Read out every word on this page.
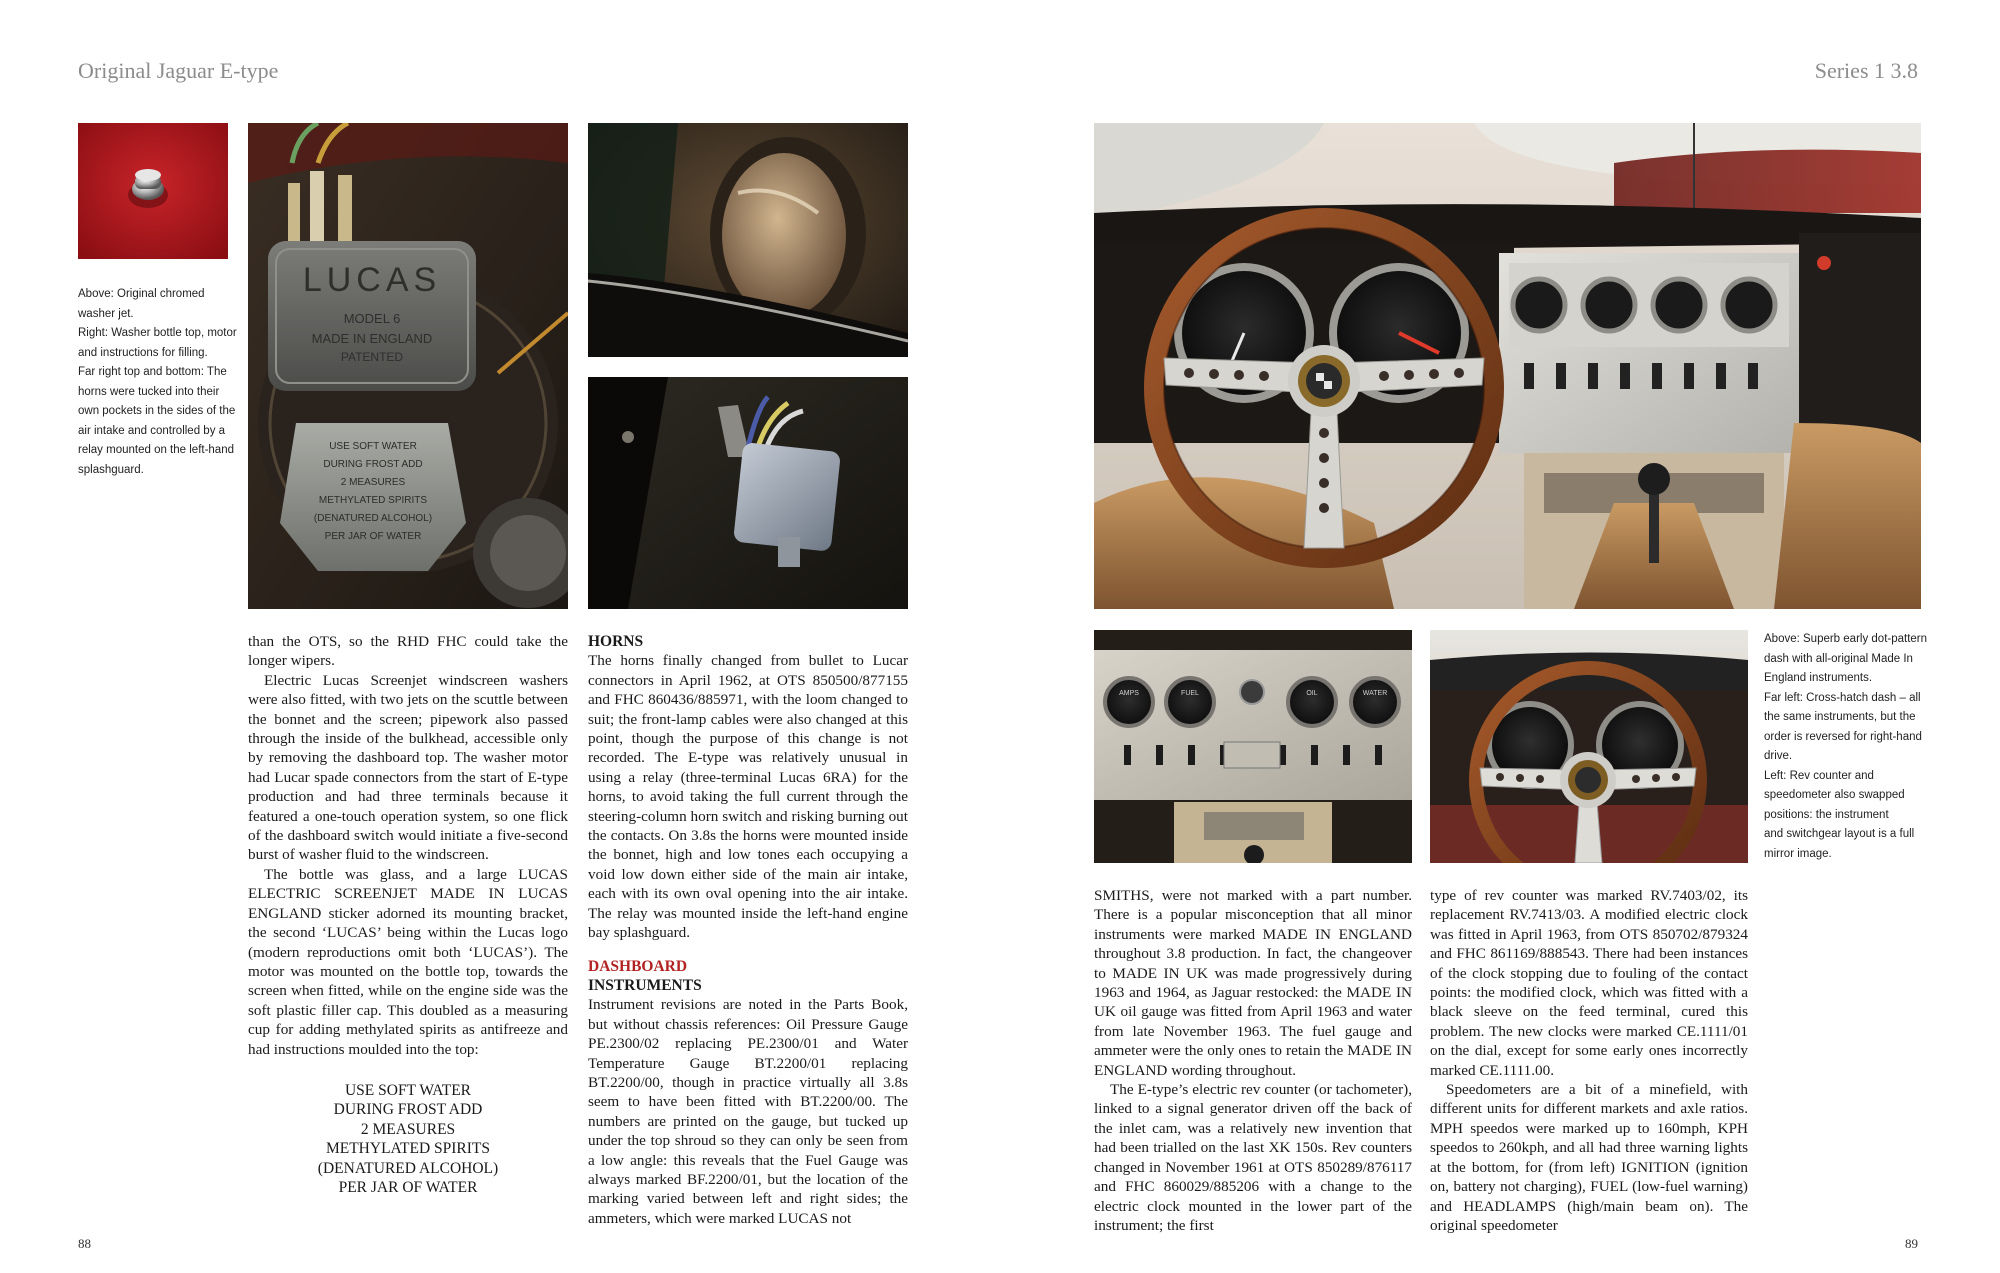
Original Jaguar E-type	Series 1 3.8
LUCAS
MODEL 6
MADE IN ENGLAND
PATENTED
USE SOFT WATER
DURING FROST ADD
2 MEASURES
METHYLATED SPIRITS
(DENATURED ALCOHOL)
PER JAR OF WATER
AMPS	FUEL	OIL	WATER

Above: Original chromed

washer jet.

Right: Washer bottle top, motor

and instructions for filling.

Far right top and bottom: The

horns were tucked into their

own pockets in the sides of the

air intake and controlled by a

relay mounted on the left-hand

splashguard.

Above: Superb early dot-pattern

dash with all-original Made In

England instruments.

Far left: Cross-hatch dash – all

the same instruments, but the

order is reversed for right-hand

drive.

Left: Rev counter and

speedometer also swapped

positions: the instrument

and switchgear layout is a full

mirror image.

than the OTS, so the RHD FHC could take the longer wipers.

Electric Lucas Screenjet windscreen washers were also fitted, with two jets on the scuttle between the bonnet and the screen; pipework also passed through the inside of the bulkhead, accessible only by removing the dashboard top. The washer motor had Lucar spade connectors from the start of E-type production and had three terminals because it featured a one-touch operation system, so one flick of the dashboard switch would initiate a five-second burst of washer fluid to the windscreen.

The bottle was glass, and a large LUCAS ELECTRIC SCREENJET MADE IN LUCAS ENGLAND sticker adorned its mounting bracket, the second ‘LUCAS’ being within the Lucas logo (modern reproductions omit both ‘LUCAS’). The motor was mounted on the bottle top, towards the screen when fitted, while on the engine side was the soft plastic filler cap. This doubled as a measuring cup for adding methylated spirits as antifreeze and had instructions moulded into the top:

USE SOFT WATER
DURING FROST ADD
2 MEASURES
METHYLATED SPIRITS
(DENATURED ALCOHOL)
PER JAR OF WATER
HORNS

The horns finally changed from bullet to Lucar connectors in April 1962, at OTS 850500/877155 and FHC 860436/885971, with the loom changed to suit; the front-lamp cables were also changed at this point, though the purpose of this change is not recorded. The E-type was relatively unusual in using a relay (three-terminal Lucas 6RA) for the horns, to avoid taking the full current through the steering-column horn switch and risking burning out the contacts. On 3.8s the horns were mounted inside the bonnet, high and low tones each occupying a void low down either side of the main air intake, each with its own oval opening into the air intake. The relay was mounted inside the left-hand engine bay splashguard.

DASHBOARD
INSTRUMENTS

Instrument revisions are noted in the Parts Book, but without chassis references: Oil Pressure Gauge PE.2300/02 replacing PE.2300/01 and Water Temperature Gauge BT.2200/01 replacing BT.2200/00, though in practice virtually all 3.8s seem to have been fitted with BT.2200/00. The numbers are printed on the gauge, but tucked up under the top shroud so they can only be seen from a low angle: this reveals that the Fuel Gauge was always marked BF.2200/01, but the location of the marking varied between left and right sides; the ammeters, which were marked LUCAS not

SMITHS, were not marked with a part number. There is a popular misconception that all minor instruments were marked MADE IN ENGLAND throughout 3.8 production. In fact, the changeover to MADE IN UK was made progressively during 1963 and 1964, as Jaguar restocked: the MADE IN UK oil gauge was fitted from April 1963 and water from late November 1963. The fuel gauge and ammeter were the only ones to retain the MADE IN ENGLAND wording throughout.

The E-type’s electric rev counter (or tachometer), linked to a signal generator driven off the back of the inlet cam, was a relatively new invention that had been trialled on the last XK 150s. Rev counters changed in November 1961 at OTS 850289/876117 and FHC 860029/885206 with a change to the electric clock mounted in the lower part of the instrument; the first

type of rev counter was marked RV.7403/02, its replacement RV.7413/03. A modified electric clock was fitted in April 1963, from OTS 850702/879324 and FHC 861169/888543. There had been instances of the clock stopping due to fouling of the contact points: the modified clock, which was fitted with a black sleeve on the feed terminal, cured this problem. The new clocks were marked CE.1111/01 on the dial, except for some early ones incorrectly marked CE.1111.00.

Speedometers are a bit of a minefield, with different units for different markets and axle ratios. MPH speedos were marked up to 160mph, KPH speedos to 260kph, and all had three warning lights at the bottom, for (from left) IGNITION (ignition on, battery not charging), FUEL (low-fuel warning) and HEADLAMPS (high/main beam on). The original speedometer

88	89
